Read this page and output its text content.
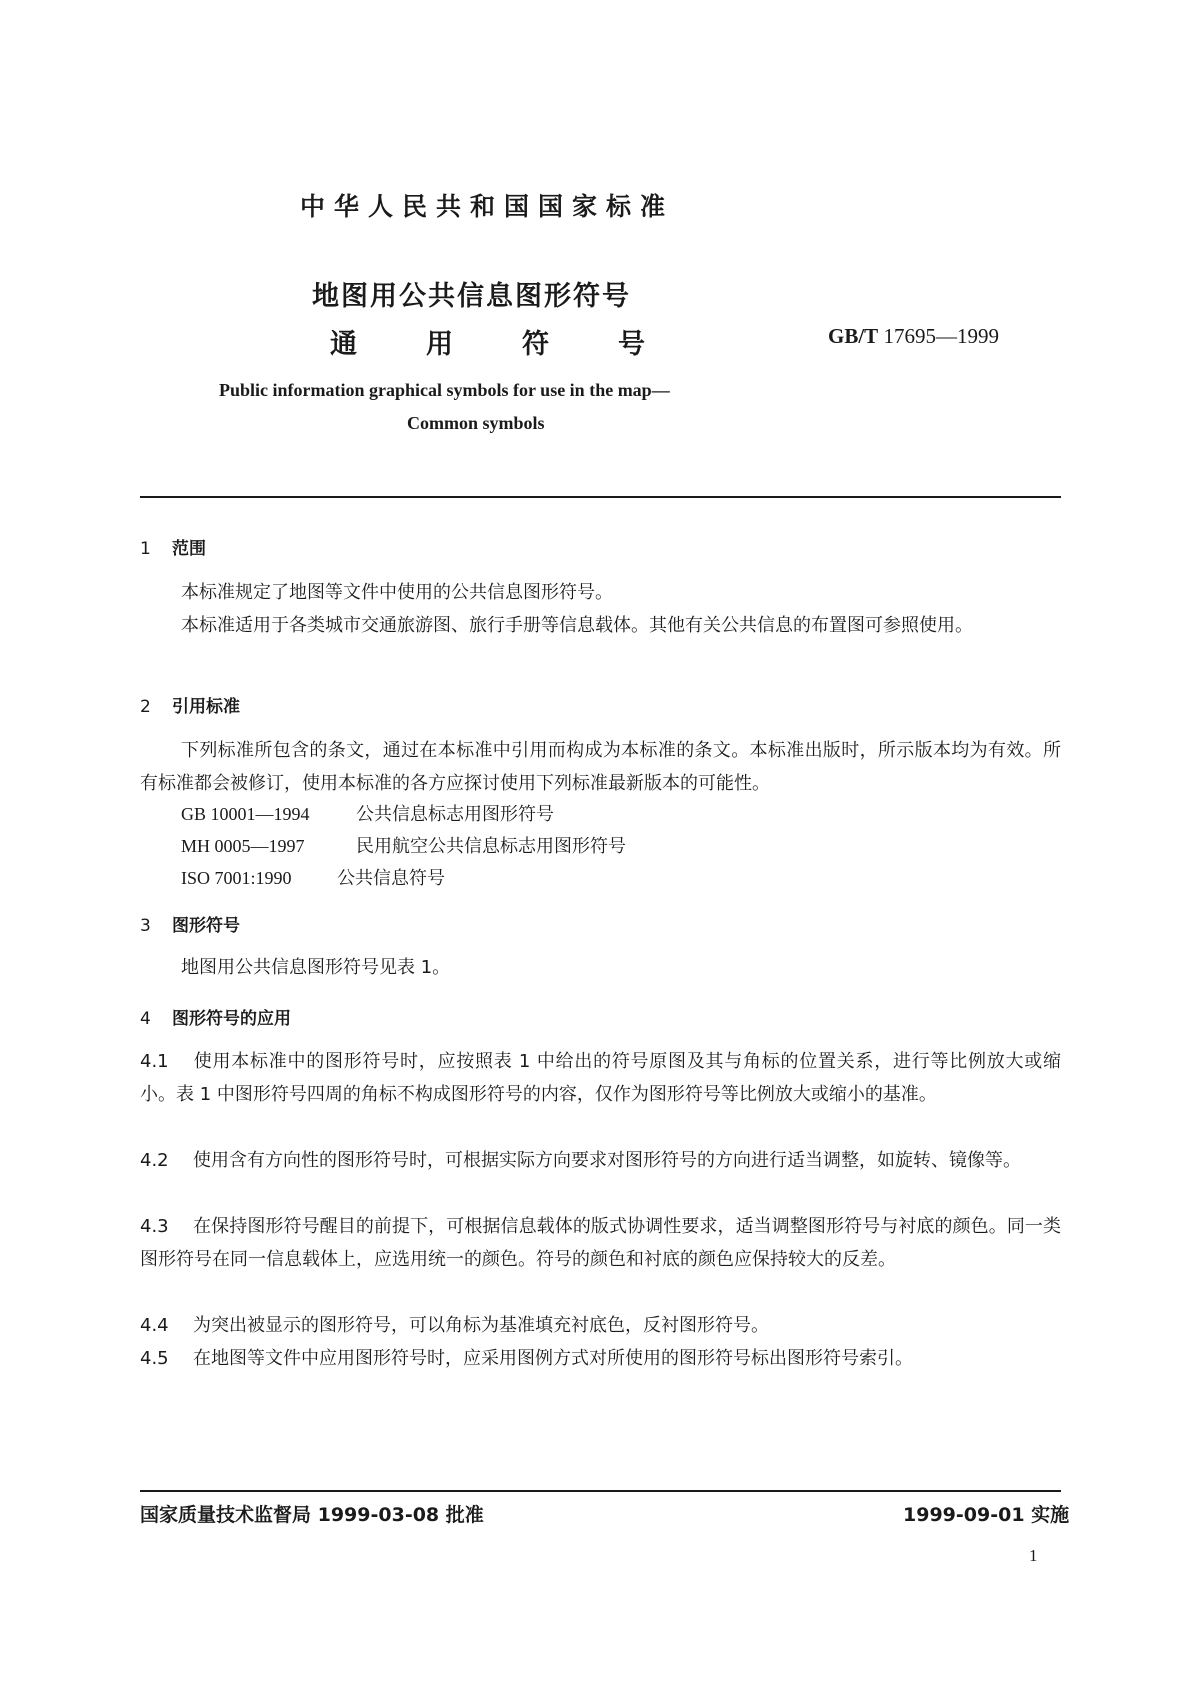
中华人民共和国国家标准
地图用公共信息图形符号
通	用	符	号	GB/T 17695—1999
Public information graphical symbols for use in the map—
Common symbols
1 范围
本标准规定了地图等文件中使用的公共信息图形符号。
本标准适用于各类城市交通旅游图、旅行手册等信息载体。其他有关公共信息的布置图可参照使用。
2 引用标准
下列标准所包含的条文，通过在本标准中引用而构成为本标准的条文。本标准出版时，所示版本均为有效。所有标准都会被修订，使用本标准的各方应探讨使用下列标准最新版本的可能性。
GB 10001—1994	公共信息标志用图形符号
MH 0005—1997	民用航空公共信息标志用图形符号
ISO 7001:1990	公共信息符号
3 图形符号
地图用公共信息图形符号见表 1。
4 图形符号的应用
4.1 使用本标准中的图形符号时，应按照表 1 中给出的符号原图及其与角标的位置关系，进行等比例放大或缩小。表 1 中图形符号四周的角标不构成图形符号的内容，仅作为图形符号等比例放大或缩小的基准。
4.2 使用含有方向性的图形符号时，可根据实际方向要求对图形符号的方向进行适当调整，如旋转、镜像等。
4.3 在保持图形符号醒目的前提下，可根据信息载体的版式协调性要求，适当调整图形符号与衬底的颜色。同一类图形符号在同一信息载体上，应选用统一的颜色。符号的颜色和衬底的颜色应保持较大的反差。
4.4 为突出被显示的图形符号，可以角标为基准填充衬底色，反衬图形符号。
4.5 在地图等文件中应用图形符号时，应采用图例方式对所使用的图形符号标出图形符号索引。
国家质量技术监督局 1999-03-08 批准	1999-09-01 实施
1
